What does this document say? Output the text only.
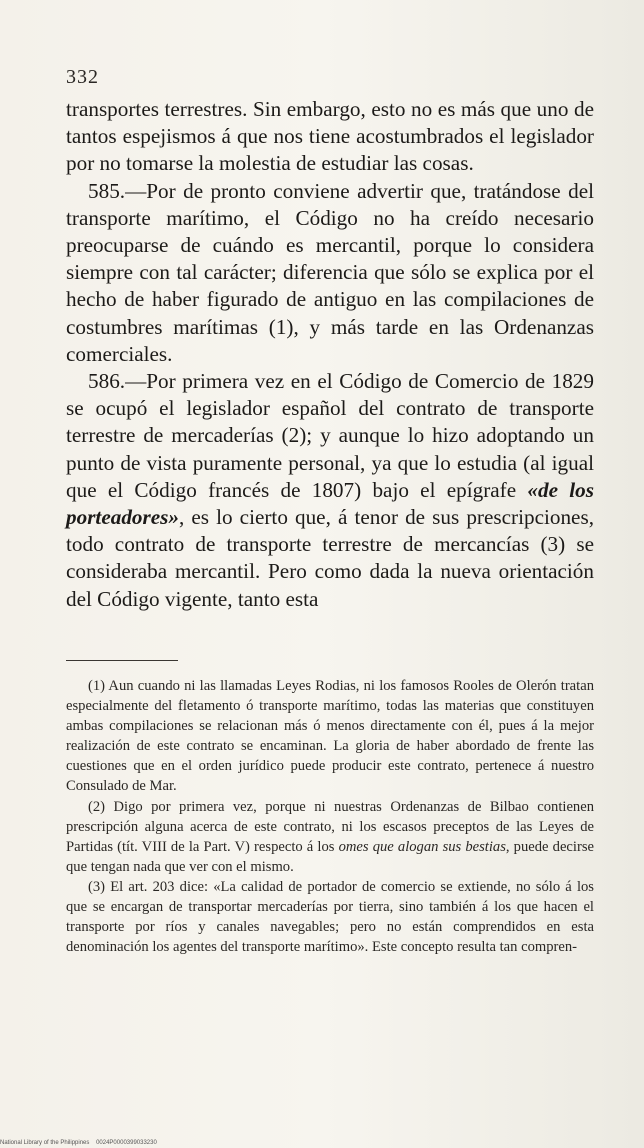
332

transportes terrestres. Sin embargo, esto no es más que uno de tantos espejismos á que nos tiene acostumbrados el legislador por no tomarse la molestia de estudiar las cosas.

585.—Por de pronto conviene advertir que, tratándose del transporte marítimo, el Código no ha creído necesario preocuparse de cuándo es mercantil, porque lo considera siempre con tal carácter; diferencia que sólo se explica por el hecho de haber figurado de antiguo en las compilaciones de costumbres marítimas (1), y más tarde en las Ordenanzas comerciales.

586.—Por primera vez en el Código de Comercio de 1829 se ocupó el legislador español del contrato de transporte terrestre de mercaderías (2); y aunque lo hizo adoptando un punto de vista puramente personal, ya que lo estudia (al igual que el Código francés de 1807) bajo el epígrafe «de los porteadores», es lo cierto que, á tenor de sus prescripciones, todo contrato de transporte terrestre de mercancías (3) se consideraba mercantil. Pero como dada la nueva orientación del Código vigente, tanto esta

(1) Aun cuando ni las llamadas Leyes Rodias, ni los famosos Rooles de Olerón tratan especialmente del fletamento ó transporte marítimo, todas las materias que constituyen ambas compilaciones se relacionan más ó menos directamente con él, pues á la mejor realización de este contrato se encaminan. La gloria de haber abordado de frente las cuestiones que en el orden jurídico puede producir este contrato, pertenece á nuestro Consulado de Mar.

(2) Digo por primera vez, porque ni nuestras Ordenanzas de Bilbao contienen prescripción alguna acerca de este contrato, ni los escasos preceptos de las Leyes de Partidas (tít. VIII de la Part. V) respecto á los omes que alogan sus bestias, puede decirse que tengan nada que ver con el mismo.

(3) El art. 203 dice: «La calidad de portador de comercio se extiende, no sólo á los que se encargan de transportar mercaderías por tierra, sino también á los que hacen el transporte por ríos y canales navegables; pero no están comprendidos en esta denominación los agentes del transporte marítimo». Este concepto resulta tan compren-

National Library of the Philippines 0024P0000399033230
